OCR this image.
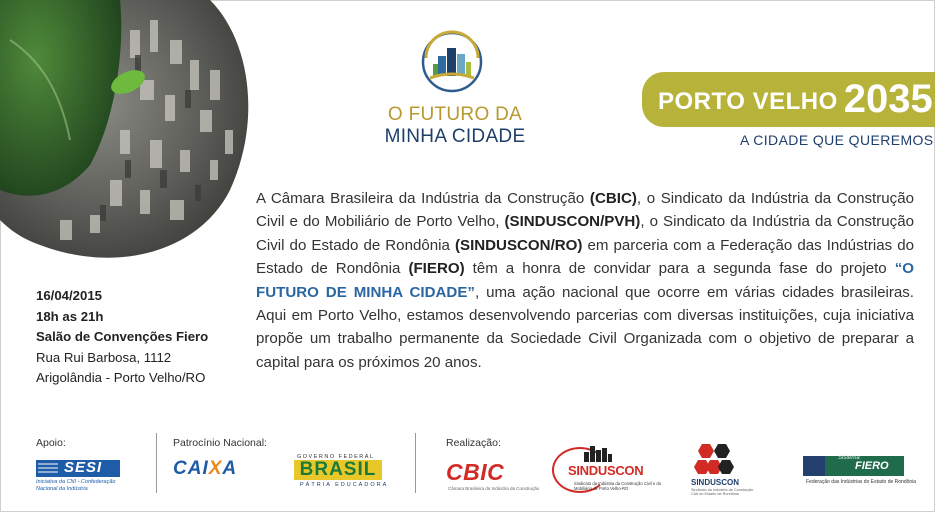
O FUTURO DA
MINHA CIDADE
PORTO VELHO 2035
A CIDADE QUE QUEREMOS
A Câmara Brasileira da Indústria da Construção (CBIC), o Sindicato da Indústria da Construção Civil e do Mobiliário de Porto Velho, (SINDUSCON/PVH), o Sindicato da Indústria da Construção Civil do Estado de Rondônia (SINDUSCON/RO) em parceria com a Federação das Indústrias do Estado de Rondônia (FIERO) têm a honra de convidar para a segunda fase do projeto “O FUTURO DE MINHA CIDADE”, uma ação nacional que ocorre em várias cidades brasileiras. Aqui em Porto Velho, estamos desenvolvendo parcerias com diversas instituições, cuja iniciativa propõe um trabalho permanente da Sociedade Civil Organizada com o objetivo de preparar a capital para os próximos 20 anos.
16/04/2015
18h as 21h
Salão de Convenções Fiero
Rua Rui Barbosa, 1112
Arigolândia - Porto Velho/RO
Apoio:	Patrocínio Nacional:	Realização:
SESI
Iniciativa da CNI - Confederação Nacional da Indústria
CAIXA
GOVERNO FEDERAL
BRASIL
PÁTRIA EDUCADORA	CBIC
Câmara Brasileira da Indústria da Construção
SINDUSCON
Sindicato da Indústria da Construção Civil e do Mobiliário de Porto Velho-RO
SINDUSCON
Sindicato da Indústria da Construção Civil do Estado de Rondônia
Sistema
FIERO
Federação das Indústrias do Estado de Rondônia
